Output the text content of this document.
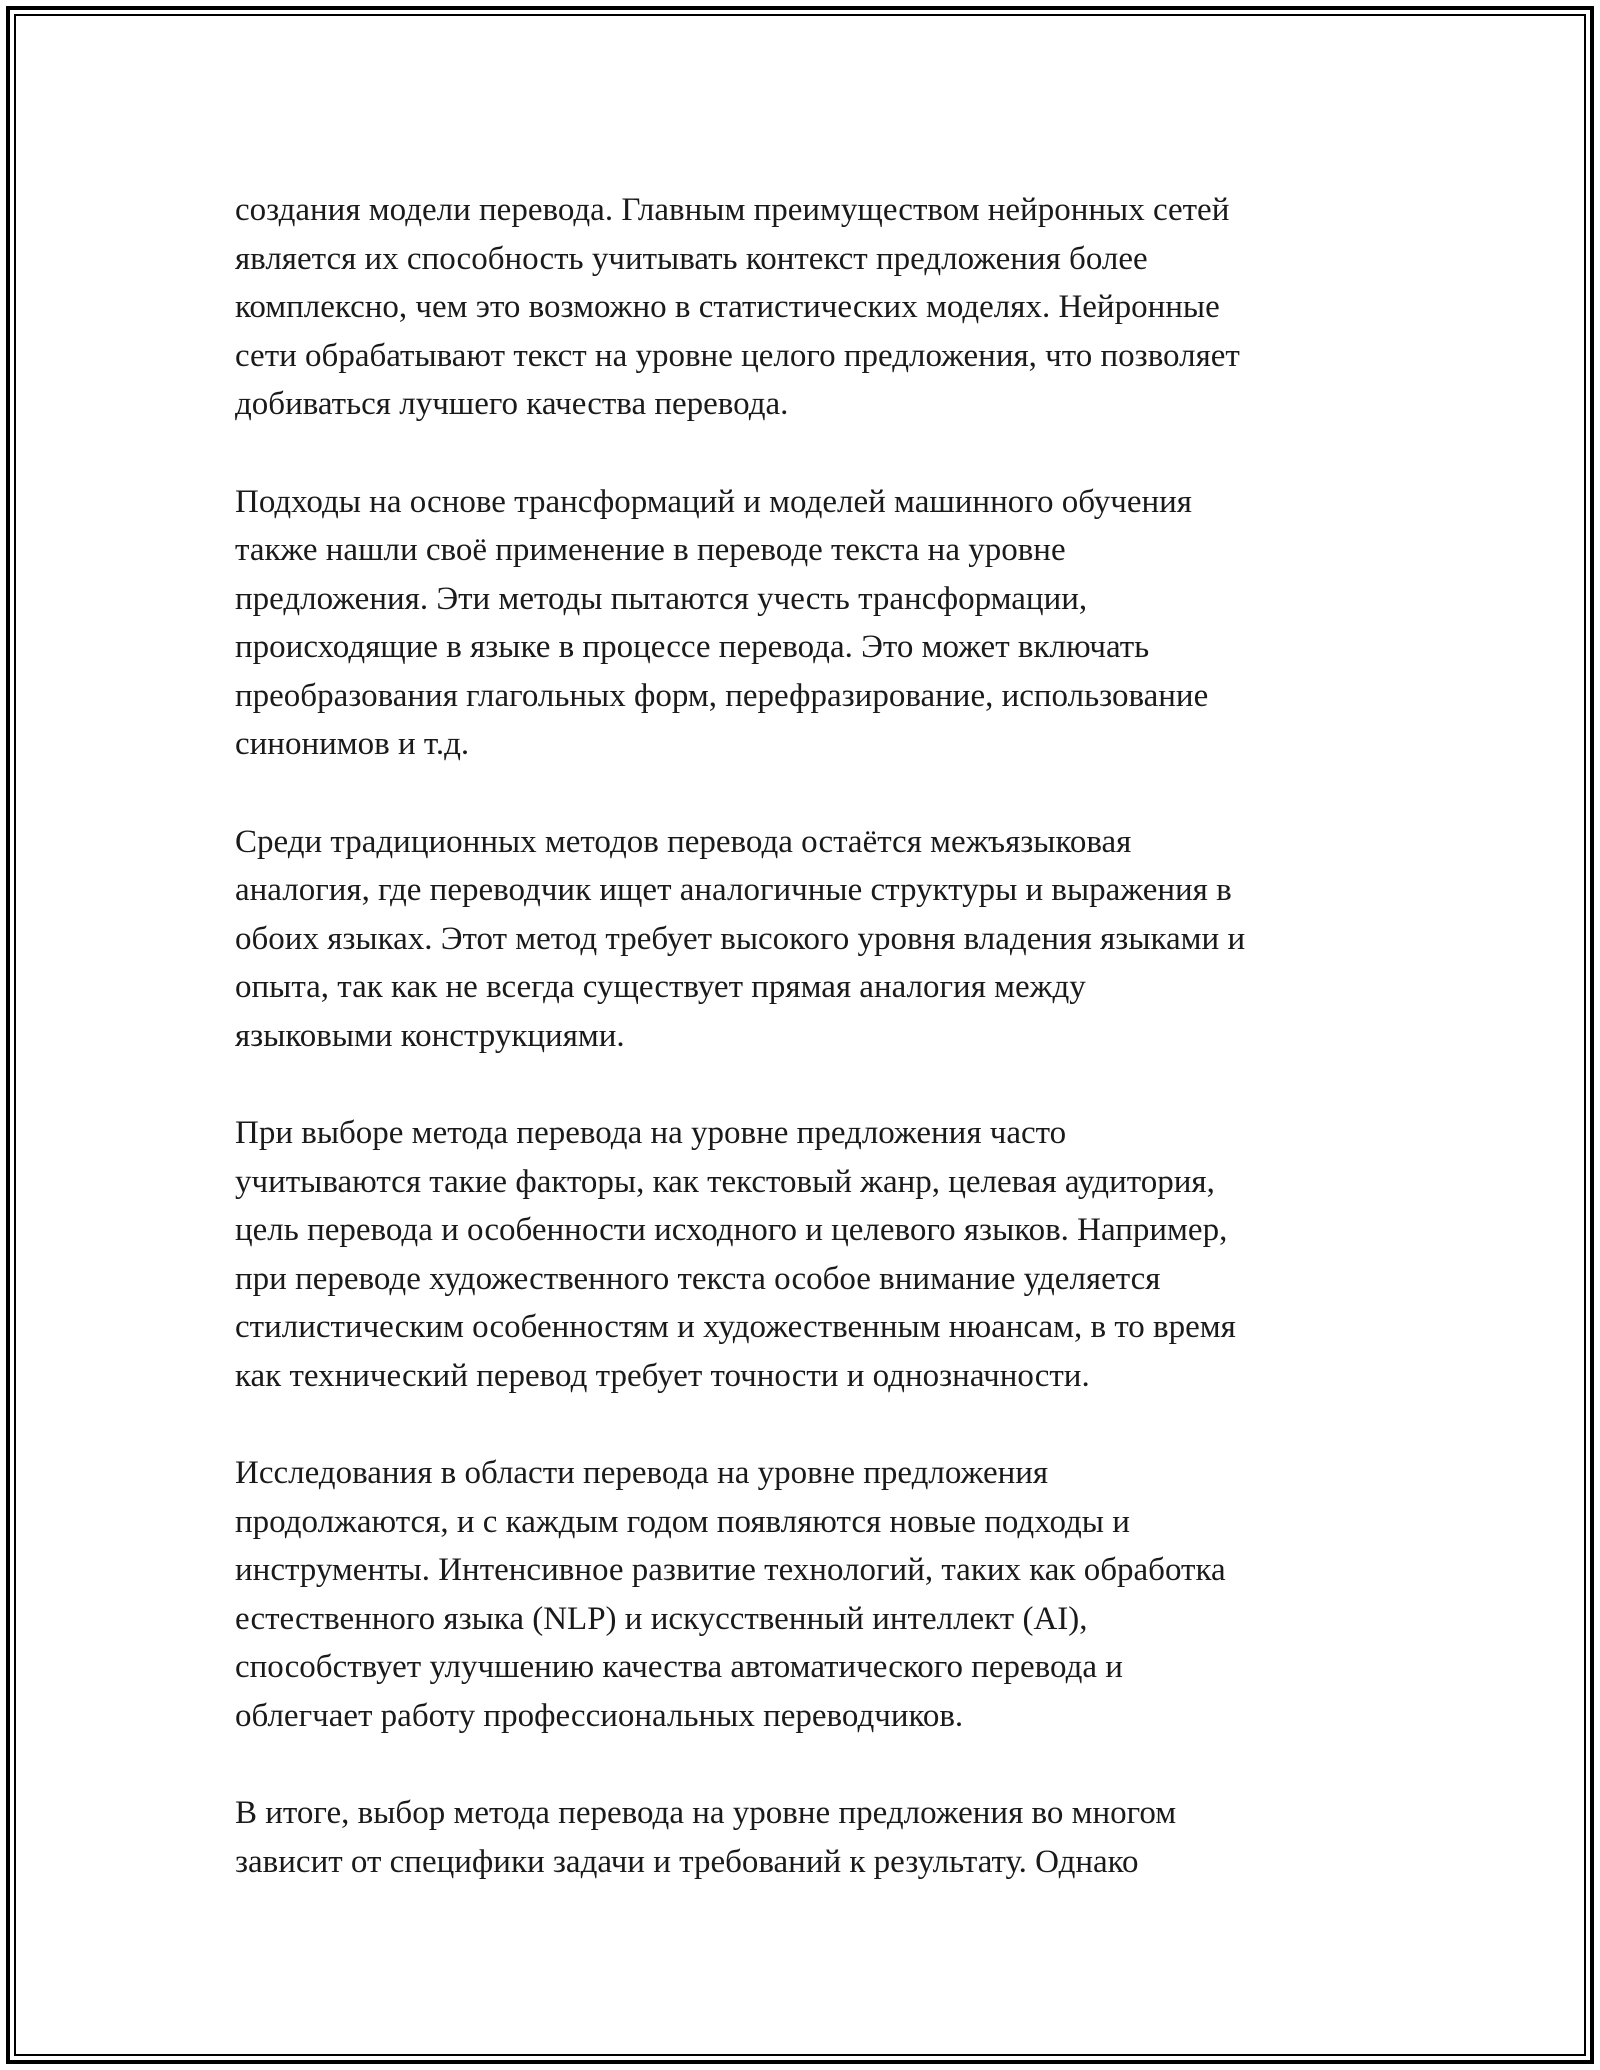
создания модели перевода. Главным преимуществом нейронных сетей
является их способность учитывать контекст предложения более
комплексно, чем это возможно в статистических моделях. Нейронные
сети обрабатывают текст на уровне целого предложения, что позволяет
добиваться лучшего качества перевода.

Подходы на основе трансформаций и моделей машинного обучения
также нашли своё применение в переводе текста на уровне
предложения. Эти методы пытаются учесть трансформации,
происходящие в языке в процессе перевода. Это может включать
преобразования глагольных форм, перефразирование, использование
синонимов и т.д.

Среди традиционных методов перевода остаётся межъязыковая
аналогия, где переводчик ищет аналогичные структуры и выражения в
обоих языках. Этот метод требует высокого уровня владения языками и
опыта, так как не всегда существует прямая аналогия между
языковыми конструкциями.

При выборе метода перевода на уровне предложения часто
учитываются такие факторы, как текстовый жанр, целевая аудитория,
цель перевода и особенности исходного и целевого языков. Например,
при переводе художественного текста особое внимание уделяется
стилистическим особенностям и художественным нюансам, в то время
как технический перевод требует точности и однозначности.

Исследования в области перевода на уровне предложения
продолжаются, и с каждым годом появляются новые подходы и
инструменты. Интенсивное развитие технологий, таких как обработка
естественного языка (NLP) и искусственный интеллект (AI),
способствует улучшению качества автоматического перевода и
облегчает работу профессиональных переводчиков.

В итоге, выбор метода перевода на уровне предложения во многом
зависит от специфики задачи и требований к результату. Однако
